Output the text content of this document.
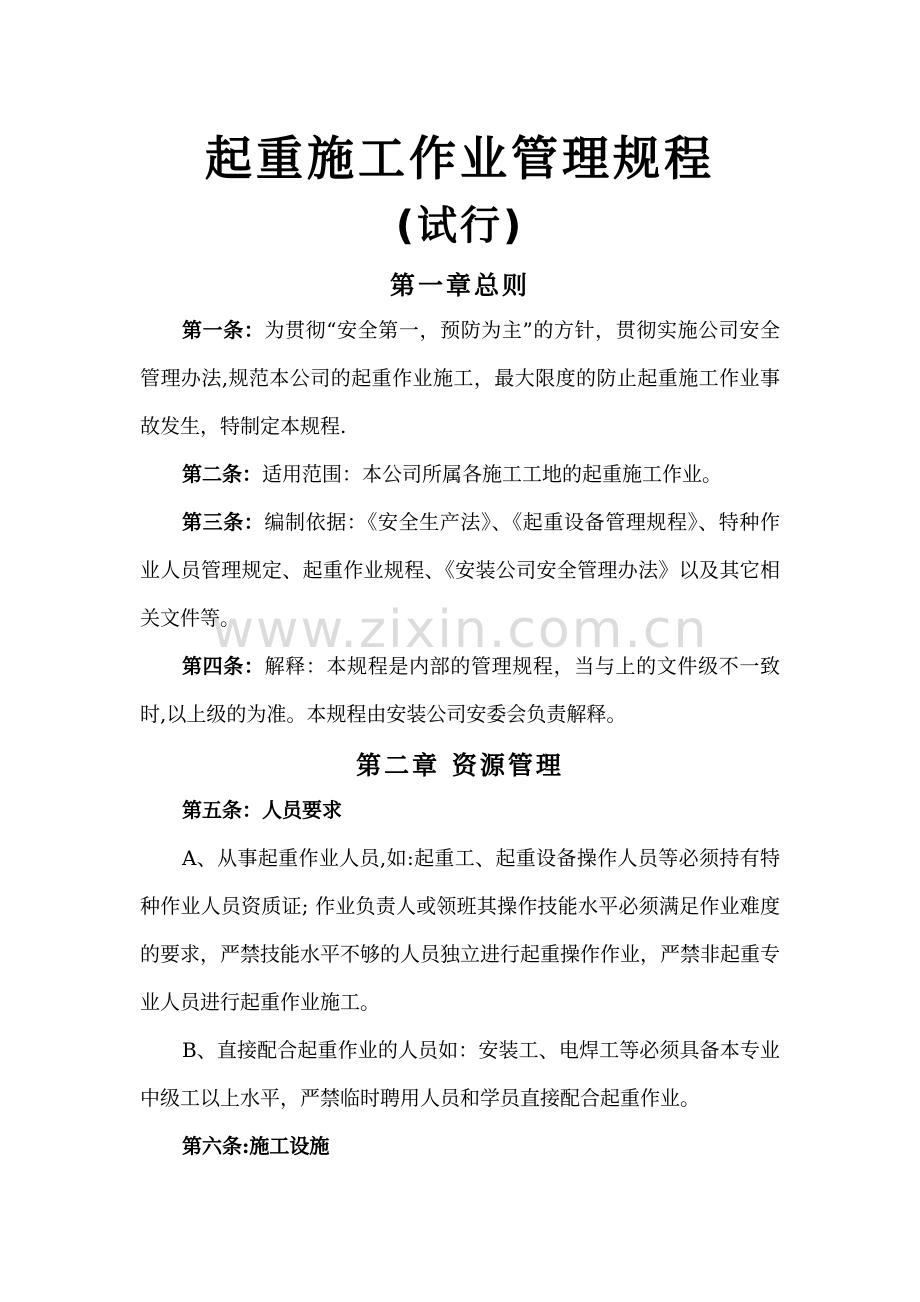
起重施工作业管理规程
(试行)
第一章总则

第一条：为贯彻“安全第一，预防为主”的方针，贯彻实施公司安全管理办法,规范本公司的起重作业施工，最大限度的防止起重施工作业事故发生，特制定本规程.

第二条：适用范围：本公司所属各施工工地的起重施工作业。

第三条：编制依据：《安全生产法》、《起重设备管理规程》、特种作业人员管理规定、起重作业规程、《安装公司安全管理办法》以及其它相关文件等。

第四条：解释：本规程是内部的管理规程，当与上的文件级不一致时,以上级的为准。本规程由安装公司安委会负责解释。

第二章 资源管理

第五条：人员要求

A、从事起重作业人员,如:起重工、起重设备操作人员等必须持有特种作业人员资质证; 作业负责人或领班其操作技能水平必须满足作业难度的要求，严禁技能水平不够的人员独立进行起重操作作业，严禁非起重专业人员进行起重作业施工。

B、直接配合起重作业的人员如：安装工、电焊工等必须具备本专业中级工以上水平，严禁临时聘用人员和学员直接配合起重作业。

第六条:施工设施

www.zixin.com.cn
